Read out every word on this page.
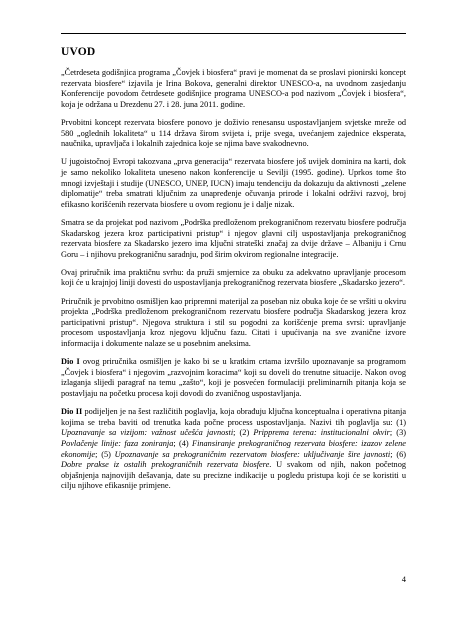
UVOD

„Četrdeseta godišnjica programa „Čovjek i biosfera“ pravi je momenat da se proslavi pionirski koncept rezervata biosfere“ izjavila je Irina Bokova, generalni direktor UNESCO-a, na uvodnom zasjedanju Konferencije povodom četrdesete godišnjice programa UNESCO-a pod nazivom „Čovjek i biosfera“, koja je održana u Drezdenu 27. i 28. juna 2011. godine.

Prvobitni koncept rezervata biosfere ponovo je doživio renesansu uspostavljanjem svjetske mreže od 580 „oglednih lokaliteta“ u 114 država širom svijeta i, prije svega, uvećanjem zajednice eksperata, naučnika, upravljača i lokalnih zajednica koje se njima bave svakodnevno.

U jugoistočnoj Evropi takozvana „prva generacija“ rezervata biosfere još uvijek dominira na karti, dok je samo nekoliko lokaliteta uneseno nakon konferencije u Sevilji (1995. godine). Uprkos tome što mnogi izvještaji i studije (UNESCO, UNEP, IUCN) imaju tendenciju da dokazuju da aktivnosti „zelene diplomatije“ treba smatrati ključnim za unapređenje očuvanja prirode i lokalni održivi razvoj, broj efikasno korišćenih rezervata biosfere u ovom regionu je i dalje nizak.

Smatra se da projekat pod nazivom „Podrška predloženom prekograničnom rezervatu biosfere područja Skadarskog jezera kroz participativni pristup“ i njegov glavni cilj uspostavljanja prekograničnog rezervata biosfere za Skadarsko jezero ima ključni strateški značaj za dvije države – Albaniju i Crnu Goru – i njihovu prekograničnu saradnju, pod širim okvirom regionalne integracije.

Ovaj priručnik ima praktičnu svrhu: da pruži smjernice za obuku za adekvatno upravljanje procesom koji će u krajnjoj liniji dovesti do uspostavljanja prekograničnog rezervata biosfere „Skadarsko jezero“.

Priručnik je prvobitno osmišljen kao pripremni materijal za poseban niz obuka koje će se vršiti u okviru projekta „Podrška predloženom prekograničnom rezervatu biosfere područja Skadarskog jezera kroz participativni pristup“. Njegova struktura i stil su pogodni za korišćenje prema svrsi: upravljanje procesom uspostavljanja kroz njegovu ključnu fazu. Citati i upućivanja na sve zvanične izvore informacija i dokumente nalaze se u posebnim aneksima.

Dio I ovog priručnika osmišljen je kako bi se u kratkim crtama izvršilo upoznavanje sa programom „Čovjek i biosfera“ i njegovim „razvojnim koracima“ koji su doveli do trenutne situacije. Nakon ovog izlaganja slijedi paragraf na temu „zašto“, koji je posvećen formulaciji preliminarnih pitanja koja se postavljaju na početku procesa koji dovodi do zvaničnog uspostavljanja.

Dio II podijeljen je na šest različitih poglavlja, koja obrađuju ključna konceptualna i operativna pitanja kojima se treba baviti od trenutka kada počne process uspostavljanja. Nazivi tih poglavlja su: (1) Upoznavanje sa vizijom: važnost učešća javnosti; (2) Pripprema terena: institucionalni okvir; (3) Povlačenje linije: faza zoniranja; (4) Finansiranje prekograničnog rezervata biosfere: izazov zelene ekonomije; (5) Upoznavanje sa prekograničnim rezervatom biosfere: uključivanje šire javnosti; (6) Dobre prakse iz ostalih prekograničnih rezervata biosfere. U svakom od njih, nakon početnog objašnjenja najnovijih dešavanja, date su precizne indikacije u pogledu pristupa koji će se koristiti u cilju njihove efikasnije primjene.

4
